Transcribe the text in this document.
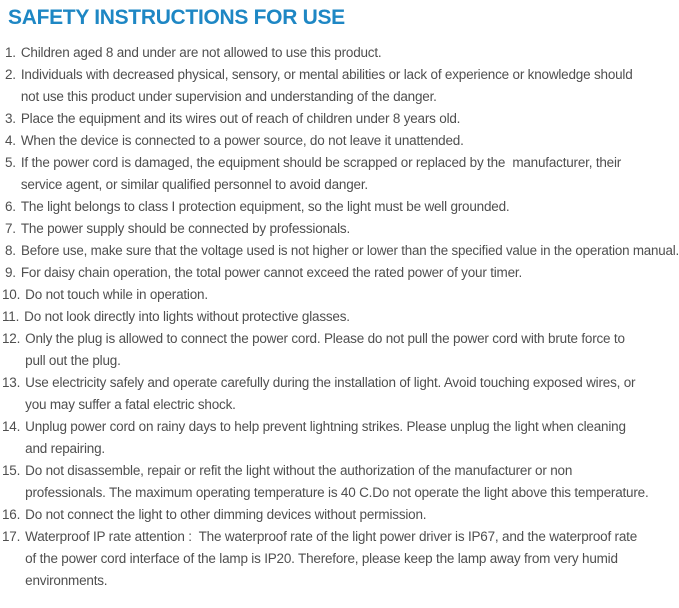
SAFETY INSTRUCTIONS FOR USE
1. Children aged 8 and under are not allowed to use this product.
2. Individuals with decreased physical, sensory, or mental abilities or lack of experience or knowledge should
not use this product under supervision and understanding of the danger.
3. Place the equipment and its wires out of reach of children under 8 years old.
4. When the device is connected to a power source, do not leave it unattended.
5. If the power cord is damaged, the equipment should be scrapped or replaced by the  manufacturer, their
service agent, or similar qualified personnel to avoid danger.
6. The light belongs to class I protection equipment, so the light must be well grounded.
7. The power supply should be connected by professionals.
8. Before use, make sure that the voltage used is not higher or lower than the specified value in the operation manual.
9. For daisy chain operation, the total power cannot exceed the rated power of your timer.
10. Do not touch while in operation.
11. Do not look directly into lights without protective glasses.
12. Only the plug is allowed to connect the power cord. Please do not pull the power cord with brute force to
pull out the plug.
13. Use electricity safely and operate carefully during the installation of light. Avoid touching exposed wires, or
you may suffer a fatal electric shock.
14. Unplug power cord on rainy days to help prevent lightning strikes. Please unplug the light when cleaning
and repairing.
15. Do not disassemble, repair or refit the light without the authorization of the manufacturer or non
professionals. The maximum operating temperature is 40 C.Do not operate the light above this temperature.
16. Do not connect the light to other dimming devices without permission.
17. Waterproof IP rate attention :  The waterproof rate of the light power driver is IP67, and the waterproof rate
of the power cord interface of the lamp is IP20. Therefore, please keep the lamp away from very humid
environments.
